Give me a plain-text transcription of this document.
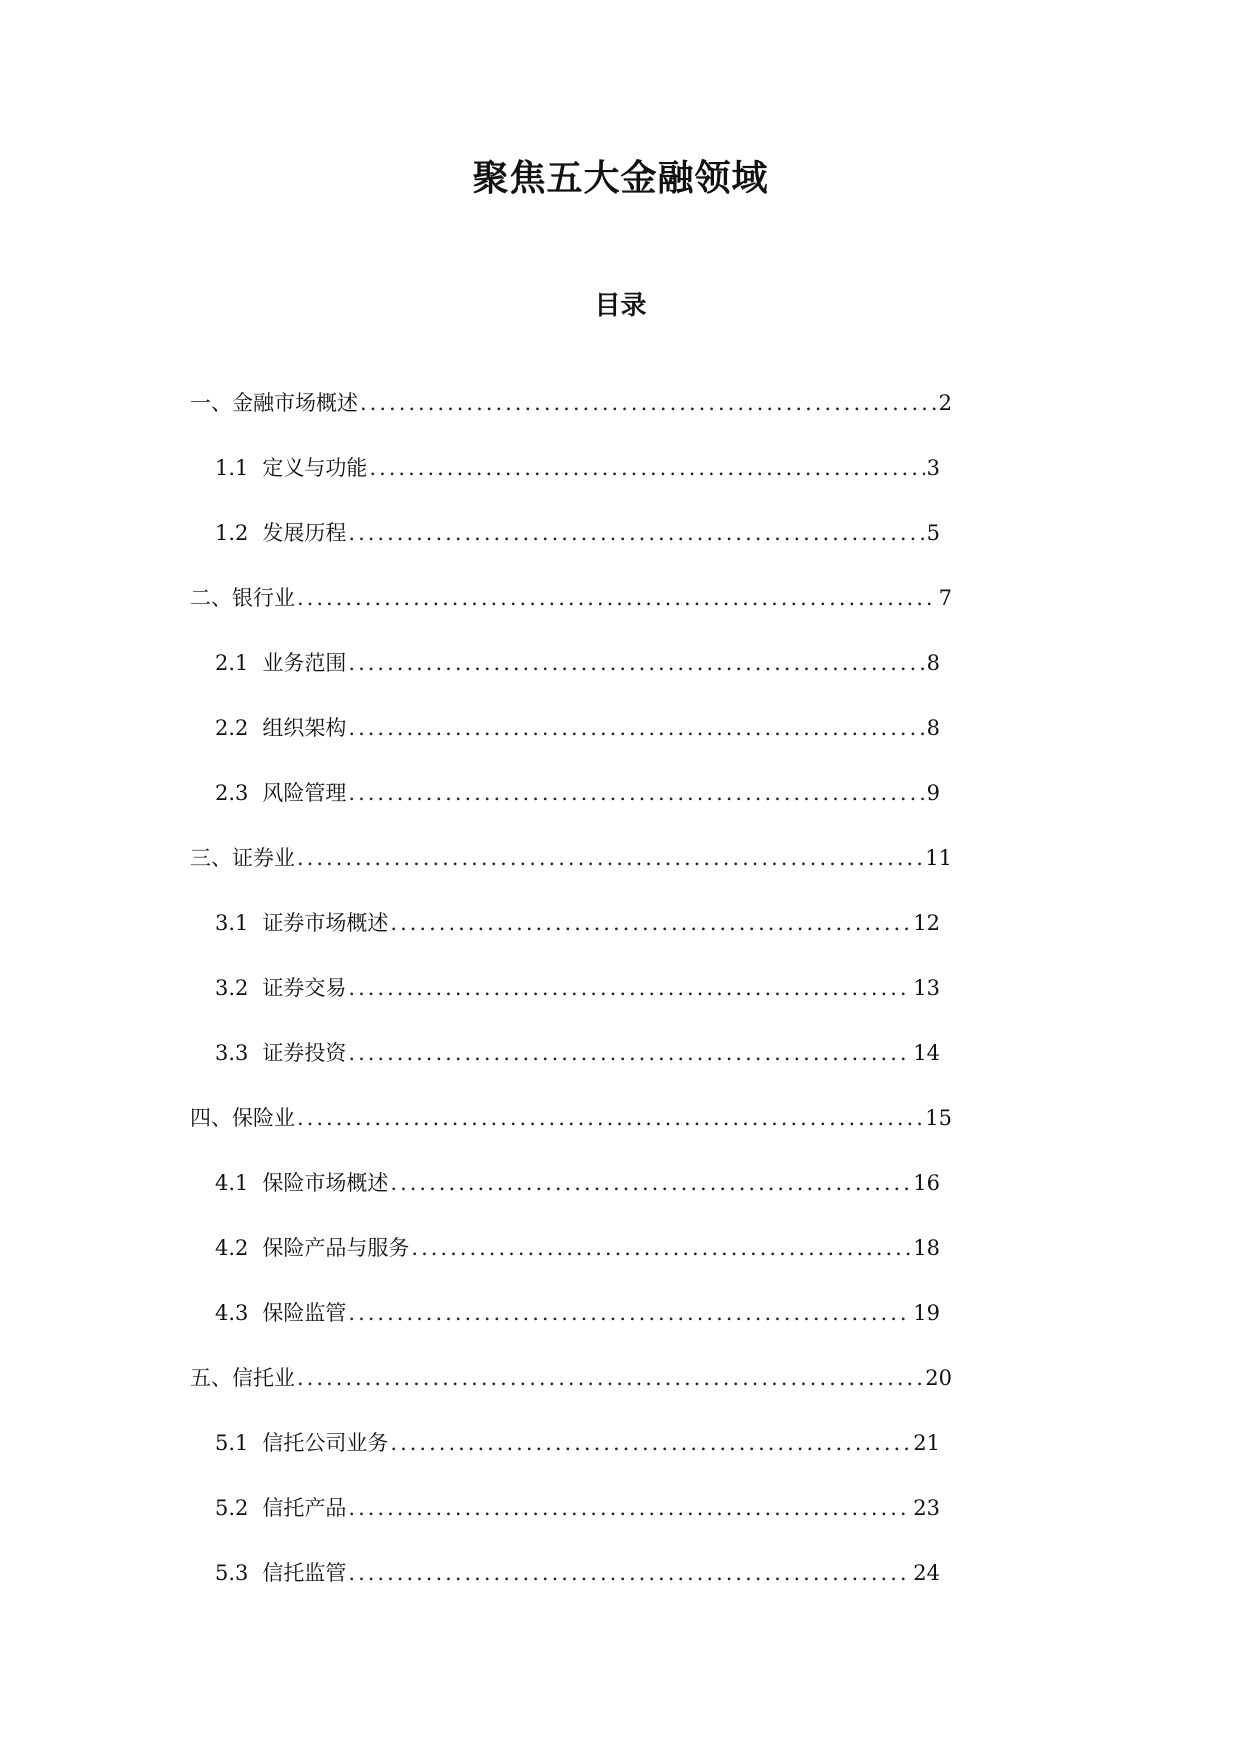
聚焦五大金融领域
目录
一、金融市场概述 .....	2
1.1 定义与功能 .....	3
1.2 发展历程 .....	5
二、银行业 .....	7
2.1 业务范围 .....	8
2.2 组织架构 .....	8
2.3 风险管理 .....	9
三、证券业 .....	11
3.1 证券市场概述 .....	12
3.2 证券交易 .....	13
3.3 证券投资 .....	14
四、保险业 .....	15
4.1 保险市场概述 .....	16
4.2 保险产品与服务 .....	18
4.3 保险监管 .....	19
五、信托业 .....	20
5.1 信托公司业务 .....	21
5.2 信托产品 .....	23
5.3 信托监管 .....	24
